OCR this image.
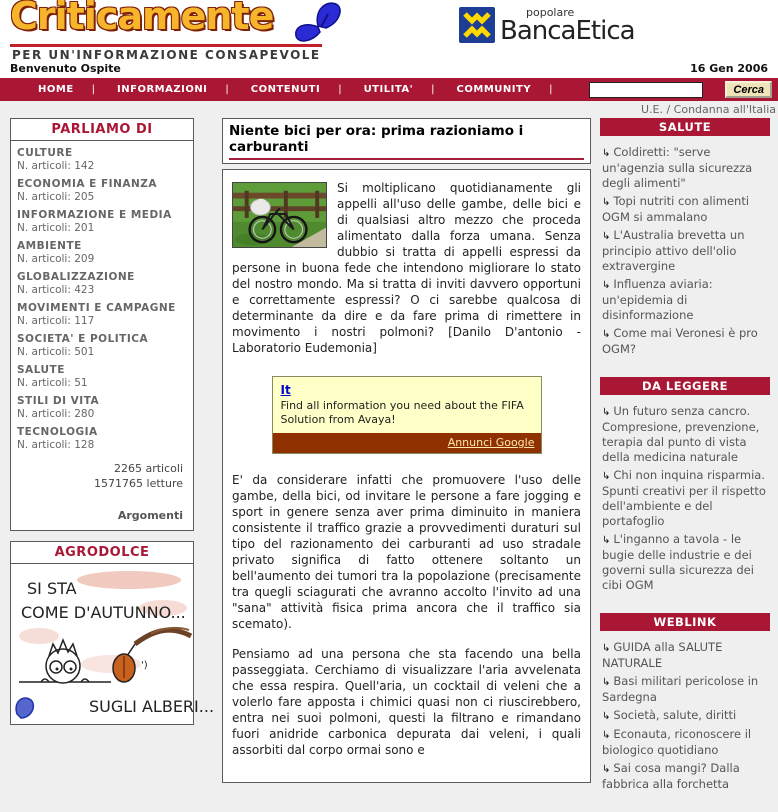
Criticamente
PER UN'INFORMAZIONE CONSAPEVOLE
popolare
BancaEtica
Benvenuto Ospite	16 Gen 2006
HOME	|	INFORMAZIONI	|	CONTENUTI	|	UTILITA'	|	COMMUNITY	|	Cerca
U.E. / Condanna all'Italia
PARLIAMO DI
CULTURE
N. articoli: 142
ECONOMIA E FINANZA
N. articoli: 205
INFORMAZIONE E MEDIA
N. articoli: 201
AMBIENTE
N. articoli: 209
GLOBALIZZAZIONE
N. articoli: 423
MOVIMENTI E CAMPAGNE
N. articoli: 117
SOCIETA' E POLITICA
N. articoli: 501
SALUTE
N. articoli: 51
STILI DI VITA
N. articoli: 280
TECNOLOGIA
N. articoli: 128
2265 articoli
1571765 letture
Argomenti
AGRODOLCE
SI STA
COME D'AUTUNNO...
')
SUGLI ALBERI...
Niente bici per ora: prima razioniamo i carburanti

Si moltiplicano quotidianamente gli appelli all'uso delle gambe, delle bici e di qualsiasi altro mezzo che proceda alimentato dalla forza umana. Senza dubbio si tratta di appelli espressi da persone in buona fede che intendono migliorare lo stato del nostro mondo. Ma si tratta di inviti davvero opportuni e correttamente espressi? O ci sarebbe qualcosa di determinante da dire e da fare prima di rimettere in movimento i nostri polmoni? [Danilo D'antonio - Laboratorio Eudemonia]

It
Find all information you need about the FIFA Solution from Avaya!
Annunci Google

E' da considerare infatti che promuovere l'uso delle gambe, della bici, od invitare le persone a fare jogging e sport in genere senza aver prima diminuito in maniera consistente il traffico grazie a provvedimenti duraturi sul tipo del razionamento dei carburanti ad uso stradale privato significa di fatto ottenere soltanto un bell'aumento dei tumori tra la popolazione (precisamente tra quegli sciagurati che avranno accolto l'invito ad una "sana" attività fisica prima ancora che il traffico sia scemato).

Pensiamo ad una persona che sta facendo una bella passeggiata. Cerchiamo di visualizzare l'aria avvelenata che essa respira. Quell'aria, un cocktail di veleni che a volerlo fare apposta i chimici quasi non ci riuscirebbero, entra nei suoi polmoni, questi la filtrano e rimandano fuori anidride carbonica depurata dai veleni, i quali assorbiti dal corpo ormai sono e

SALUTE
↳ Coldiretti: "serve un'agenzia sulla sicurezza degli alimenti"
↳ Topi nutriti con alimenti OGM si ammalano
↳ L'Australia brevetta un principio attivo dell'olio extravergine
↳ Influenza aviaria: un'epidemia di disinformazione
↳ Come mai Veronesi è pro OGM?
DA LEGGERE
↳ Un futuro senza cancro. Compresione, prevenzione, terapia dal punto di vista della medicina naturale
↳ Chi non inquina risparmia. Spunti creativi per il rispetto dell'ambiente e del portafoglio
↳ L'inganno a tavola - le bugie delle industrie e dei governi sulla sicurezza dei cibi OGM
WEBLINK
↳ GUIDA alla SALUTE NATURALE
↳ Basi militari pericolose in Sardegna
↳ Società, salute, diritti
↳ Econauta, riconoscere il biologico quotidiano
↳ Sai cosa mangi? Dalla fabbrica alla forchetta
